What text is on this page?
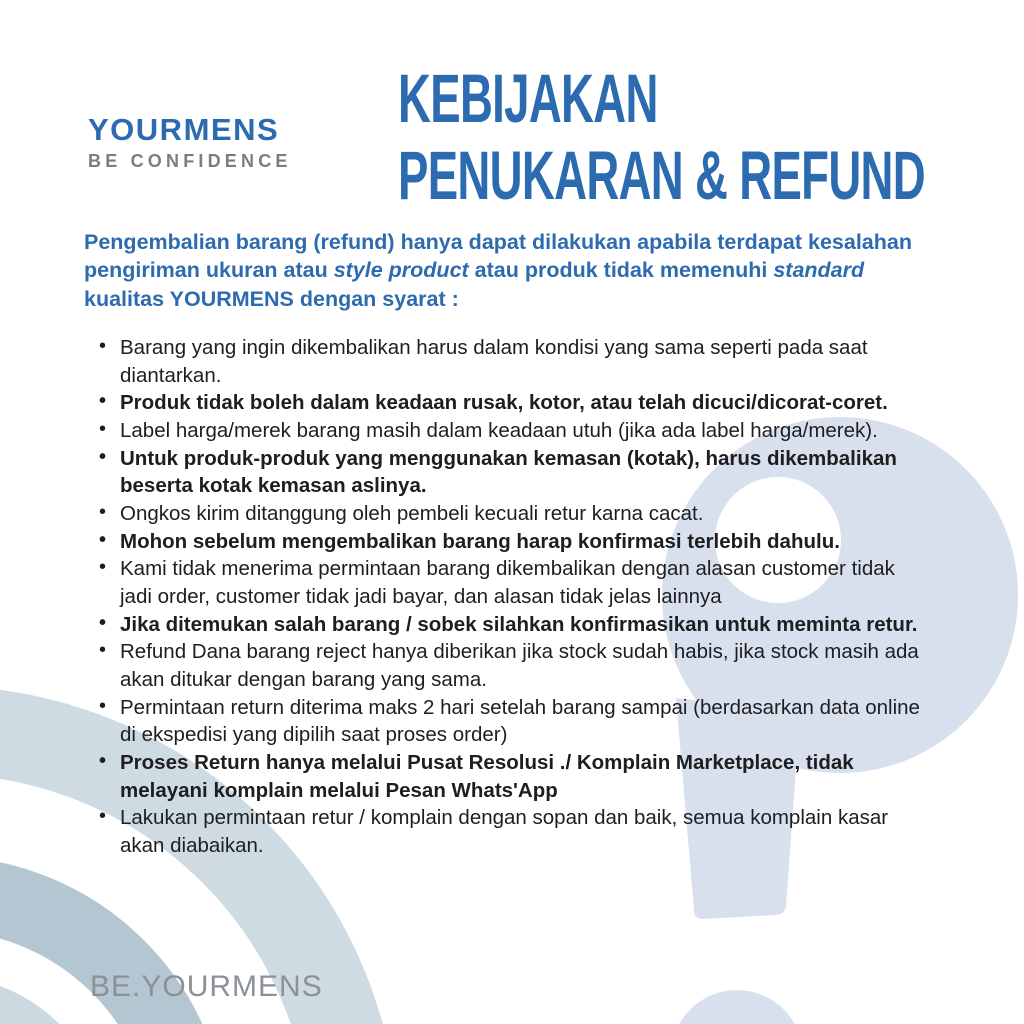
YOURMENS
BE CONFIDENCE
KEBIJAKAN
PENUKARAN & REFUND
Pengembalian barang (refund) hanya dapat dilakukan apabila terdapat kesalahan pengiriman ukuran atau style product atau produk tidak memenuhi standard kualitas YOURMENS dengan syarat :
• Barang yang ingin dikembalikan harus dalam kondisi yang sama seperti pada saat diantarkan.
• Produk tidak boleh dalam keadaan rusak, kotor, atau telah dicuci/dicorat-coret.
• Label harga/merek barang masih dalam keadaan utuh (jika ada label harga/merek).
• Untuk produk-produk yang menggunakan kemasan (kotak), harus dikembalikan beserta kotak kemasan aslinya.
• Ongkos kirim ditanggung oleh pembeli kecuali retur karna cacat.
• Mohon sebelum mengembalikan barang harap konfirmasi terlebih dahulu.
• Kami tidak menerima permintaan barang dikembalikan dengan alasan customer tidak jadi order, customer tidak jadi bayar, dan alasan tidak jelas lainnya
• Jika ditemukan salah barang / sobek silahkan konfirmasikan untuk meminta retur.
• Refund Dana barang reject hanya diberikan jika stock sudah habis, jika stock masih ada akan ditukar dengan barang yang sama.
• Permintaan return diterima maks 2 hari setelah barang sampai (berdasarkan data online di ekspedisi yang dipilih saat proses order)
• Proses Return hanya melalui Pusat Resolusi ./ Komplain Marketplace, tidak melayani komplain melalui Pesan Whats'App
• Lakukan permintaan retur / komplain dengan sopan dan baik, semua komplain kasar akan diabaikan.
BE.YOURMENS
